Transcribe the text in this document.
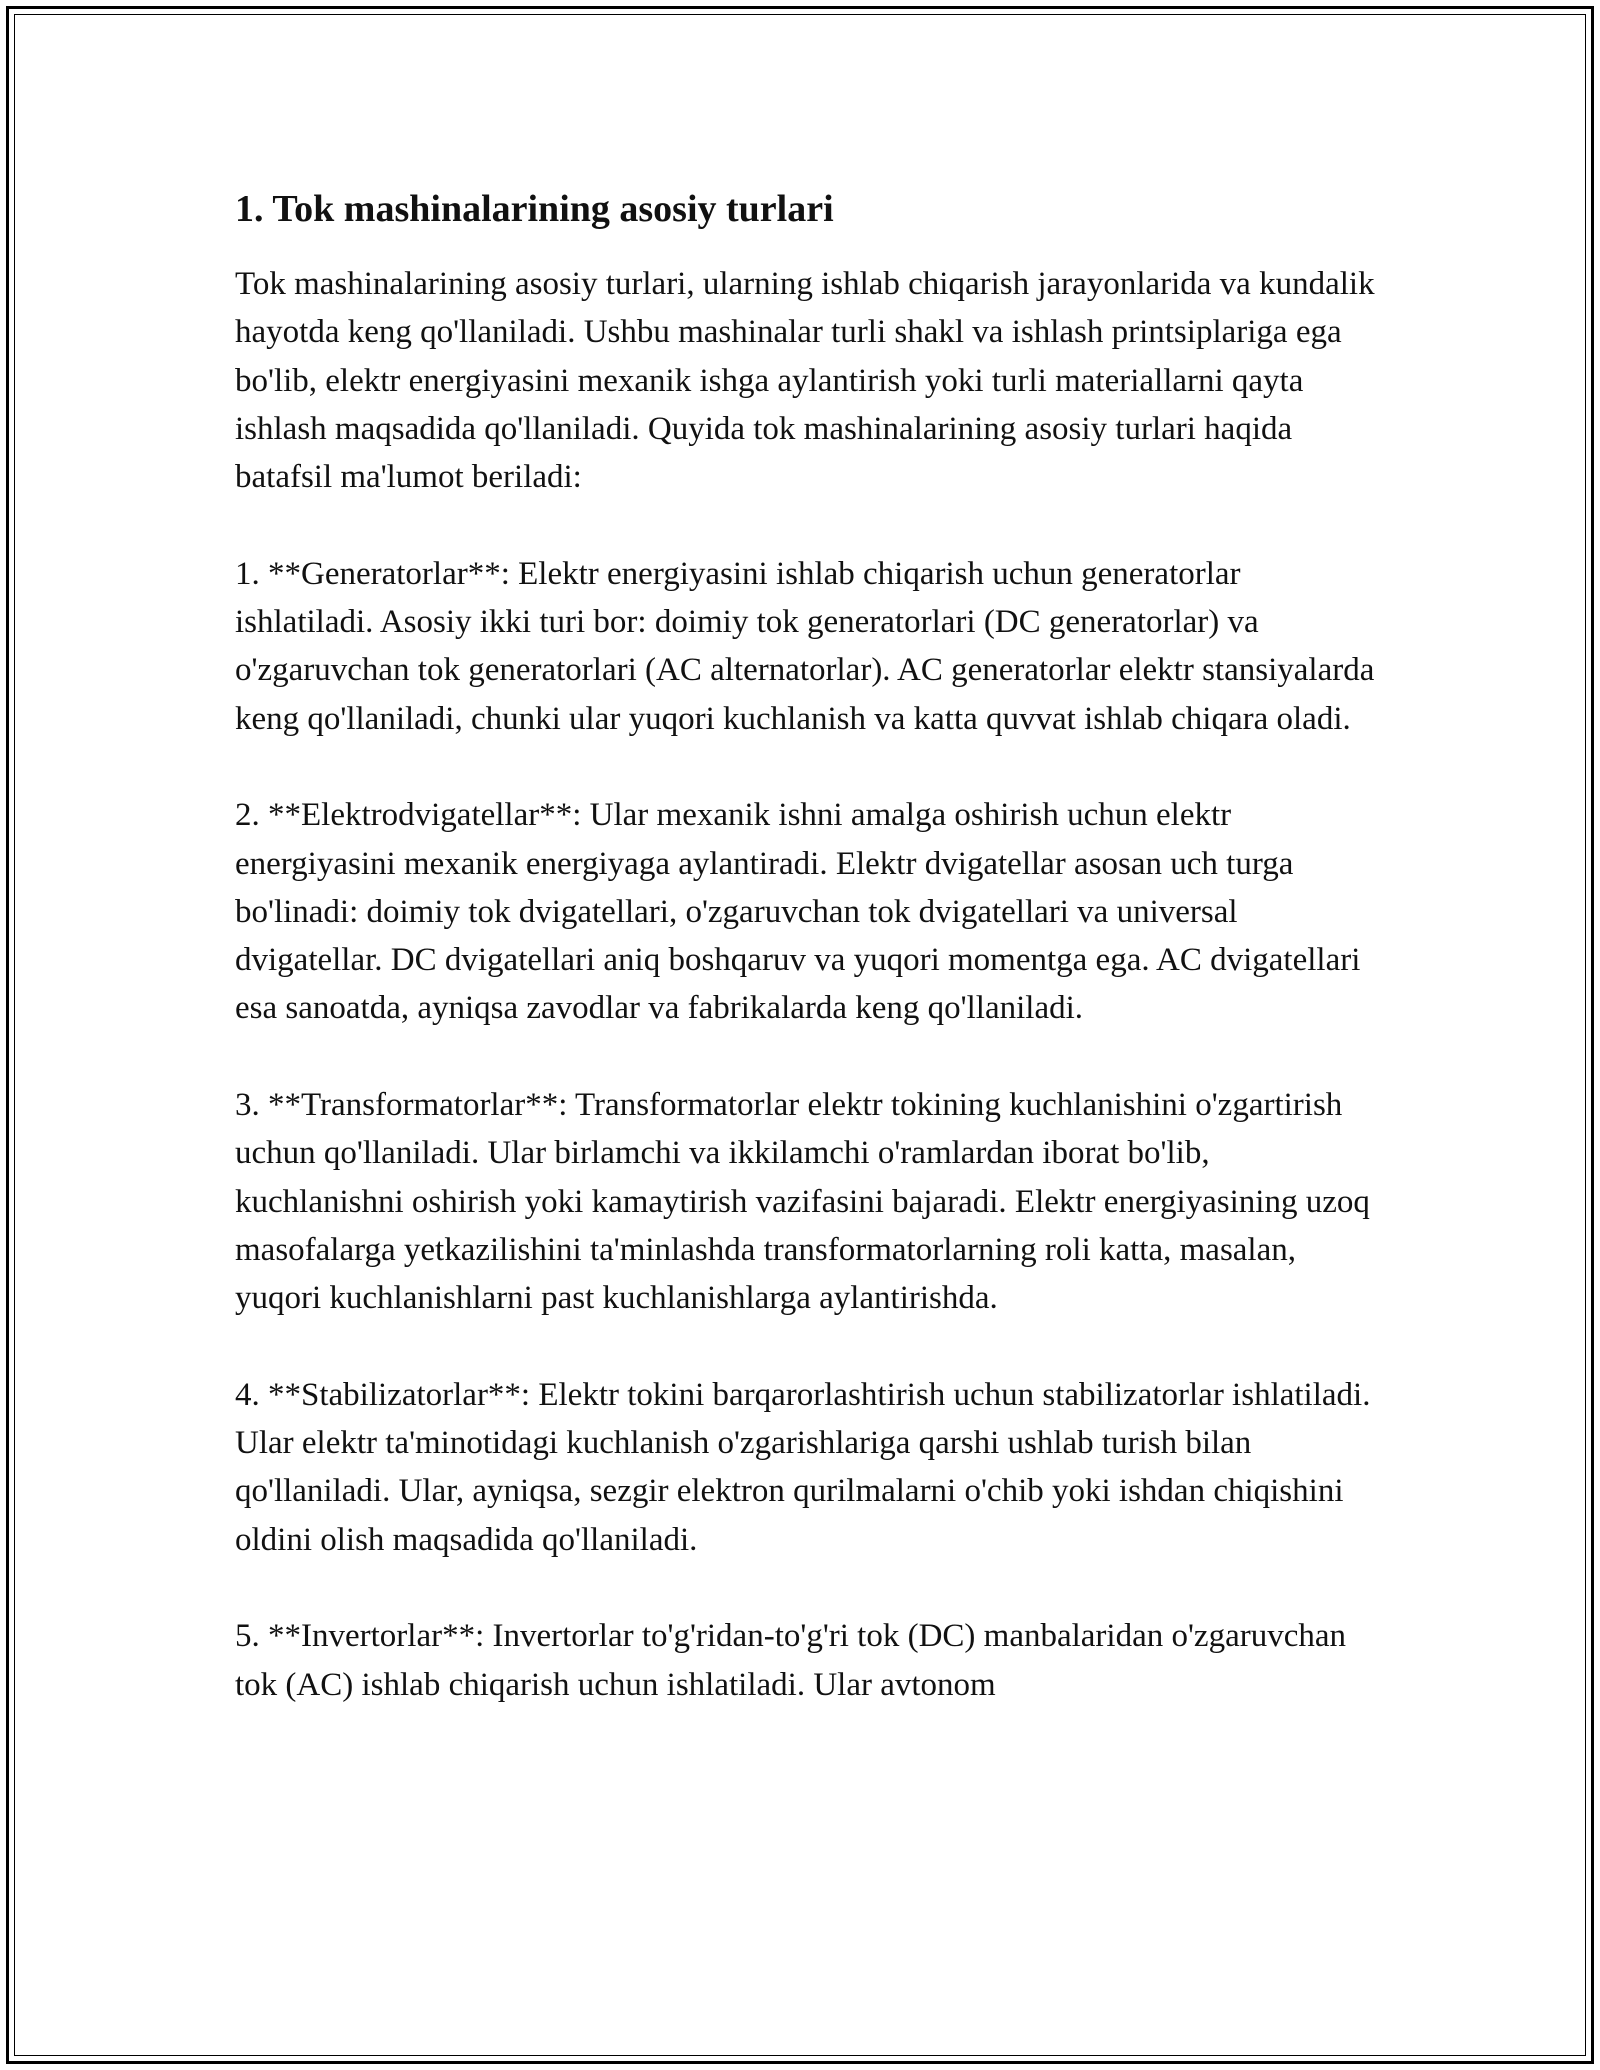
1. Tok mashinalarining asosiy turlari

Tok mashinalarining asosiy turlari, ularning ishlab chiqarish jarayonlarida va kundalik hayotda keng qo'llaniladi. Ushbu mashinalar turli shakl va ishlash printsiplariga ega bo'lib, elektr energiyasini mexanik ishga aylantirish yoki turli materiallarni qayta ishlash maqsadida qo'llaniladi. Quyida tok mashinalarining asosiy turlari haqida batafsil ma'lumot beriladi:

1. **Generatorlar**: Elektr energiyasini ishlab chiqarish uchun generatorlar ishlatiladi. Asosiy ikki turi bor: doimiy tok generatorlari (DC generatorlar) va o'zgaruvchan tok generatorlari (AC alternatorlar). AC generatorlar elektr stansiyalarda keng qo'llaniladi, chunki ular yuqori kuchlanish va katta quvvat ishlab chiqara oladi.

2. **Elektrodvigatellar**: Ular mexanik ishni amalga oshirish uchun elektr energiyasini mexanik energiyaga aylantiradi. Elektr dvigatellar asosan uch turga bo'linadi: doimiy tok dvigatellari, o'zgaruvchan tok dvigatellari va universal dvigatellar. DC dvigatellari aniq boshqaruv va yuqori momentga ega. AC dvigatellari esa sanoatda, ayniqsa zavodlar va fabrikalarda keng qo'llaniladi.

3. **Transformatorlar**: Transformatorlar elektr tokining kuchlanishini o'zgartirish uchun qo'llaniladi. Ular birlamchi va ikkilamchi o'ramlardan iborat bo'lib, kuchlanishni oshirish yoki kamaytirish vazifasini bajaradi. Elektr energiyasining uzoq masofalarga yetkazilishini ta'minlashda transformatorlarning roli katta, masalan, yuqori kuchlanishlarni past kuchlanishlarga aylantirishda.

4. **Stabilizatorlar**: Elektr tokini barqarorlashtirish uchun stabilizatorlar ishlatiladi. Ular elektr ta'minotidagi kuchlanish o'zgarishlariga qarshi ushlab turish bilan qo'llaniladi. Ular, ayniqsa, sezgir elektron qurilmalarni o'chib yoki ishdan chiqishini oldini olish maqsadida qo'llaniladi.

5. **Invertorlar**: Invertorlar to'g'ridan-to'g'ri tok (DC) manbalaridan o'zgaruvchan tok (AC) ishlab chiqarish uchun ishlatiladi. Ular avtonom
